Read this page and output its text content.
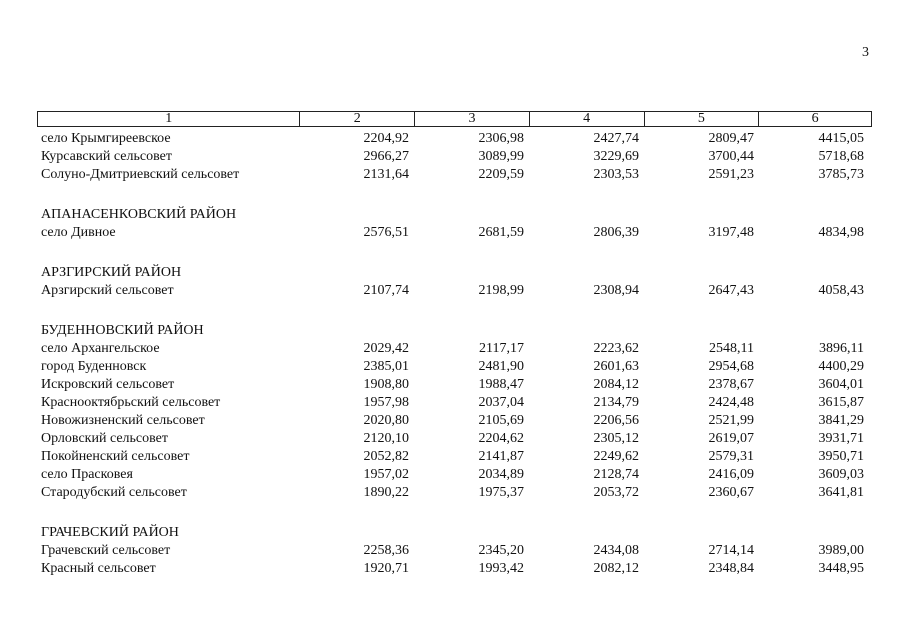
3
1	2	3	4	5	6
село Крымгиреевское	2204,92	2306,98	2427,74	2809,47	4415,05
Курсавский сельсовет	2966,27	3089,99	3229,69	3700,44	5718,68
Солуно-Дмитриевский сельсовет	2131,64	2209,59	2303,53	2591,23	3785,73
АПАНАСЕНКОВСКИЙ РАЙОН
село Дивное	2576,51	2681,59	2806,39	3197,48	4834,98
АРЗГИРСКИЙ РАЙОН
Арзгирский сельсовет	2107,74	2198,99	2308,94	2647,43	4058,43
БУДЕННОВСКИЙ РАЙОН
село Архангельское	2029,42	2117,17	2223,62	2548,11	3896,11
город Буденновск	2385,01	2481,90	2601,63	2954,68	4400,29
Искровский сельсовет	1908,80	1988,47	2084,12	2378,67	3604,01
Краснооктябрьский сельсовет	1957,98	2037,04	2134,79	2424,48	3615,87
Новожизненский сельсовет	2020,80	2105,69	2206,56	2521,99	3841,29
Орловский сельсовет	2120,10	2204,62	2305,12	2619,07	3931,71
Покойненский сельсовет	2052,82	2141,87	2249,62	2579,31	3950,71
село Прасковея	1957,02	2034,89	2128,74	2416,09	3609,03
Стародубский сельсовет	1890,22	1975,37	2053,72	2360,67	3641,81
ГРАЧЕВСКИЙ РАЙОН
Грачевский сельсовет	2258,36	2345,20	2434,08	2714,14	3989,00
Красный сельсовет	1920,71	1993,42	2082,12	2348,84	3448,95
